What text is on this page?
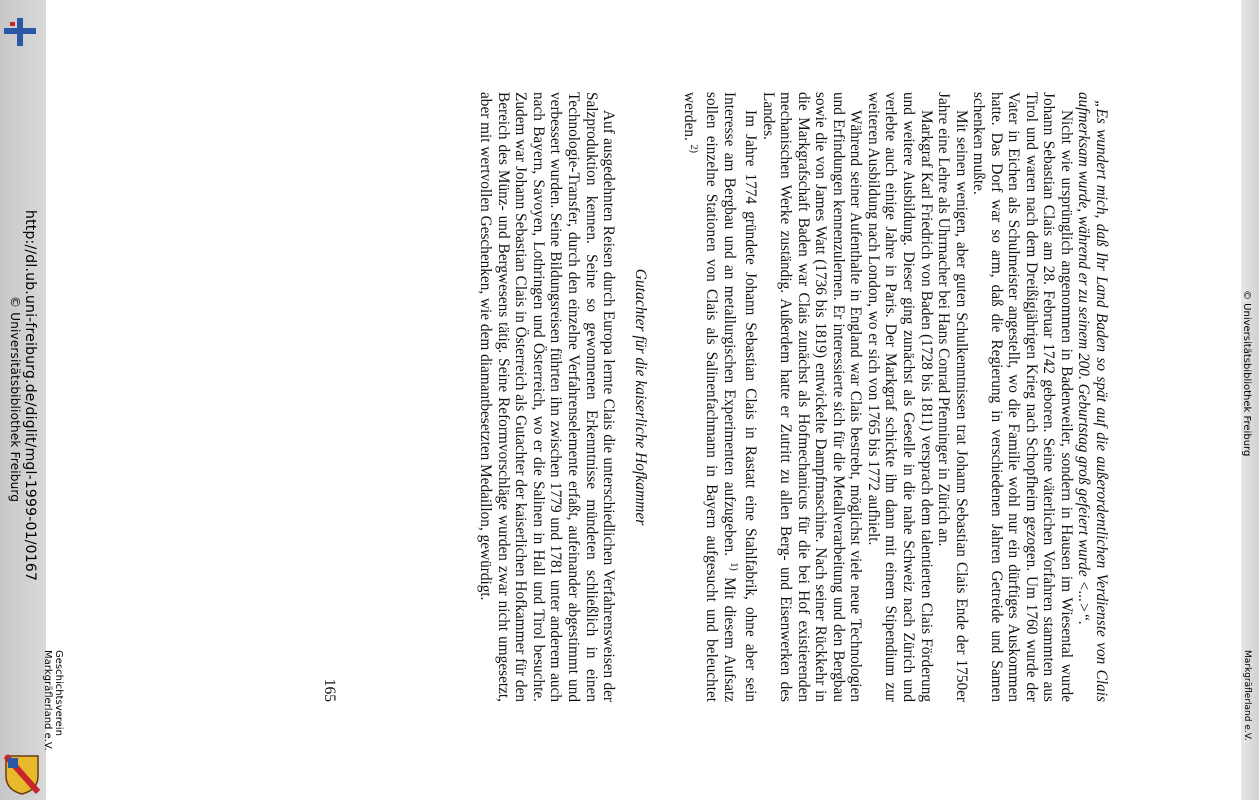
http://dl.ub.uni-freiburg.de/diglit/mgl-1999-01/0167
© Universitätsbibliothek Freiburg
Geschichtsverein
Markgräflerland e.V.
© Universitätsbibliothek Freiburg
Markgräflerland e.V.

„Es wundert mich, daß Ihr Land Baden so spät auf die außerordentlichen Verdienste von Clais aufmerksam wurde, während er zu seinem 200. Geburtstag groß gefeiert wurde <...>“.

Nicht wie ursprünglich angenommen in Badenweiler, sondern in Hausen im Wiesental wurde Johann Sebastian Clais am 28. Februar 1742 geboren. Seine väterlichen Vorfahren stammten aus Tirol und waren nach dem Dreißigjährigen Krieg nach Schopfheim gezogen. Um 1760 wurde der Vater in Eichen als Schulmeister angestellt, wo die Familie wohl nur ein dürftiges Auskommen hatte. Das Dorf war so arm, daß die Regierung in verschiedenen Jahren Getreide und Samen schenken mußte.

Mit seinen wenigen, aber guten Schulkenntnissen trat Johann Sebastian Clais Ende der 1750er Jahre eine Lehre als Uhrmacher bei Hans Conrad Pfenninger in Zürich an.

Markgraf Karl Friedrich von Baden (1728 bis 1811) versprach dem talentierten Clais Förderung und weitere Ausbildung. Dieser ging zunächst als Geselle in die nahe Schweiz nach Zürich und verlebte auch einige Jahre in Paris. Der Markgraf schickte ihn dann mit einem Stipendium zur weiteren Ausbildung nach London, wo er sich von 1765 bis 1772 aufhielt.

Während seiner Aufenthalte in England war Clais bestrebt, möglichst viele neue Technologien und Erfindungen kennenzulernen. Er interessierte sich für die Metallverarbeitung und den Bergbau sowie die von James Watt (1736 bis 1819) entwickelte Dampfmaschine. Nach seiner Rückkehr in die Markgrafschaft Baden war Clais zunächst als Hofmechanicus für die bei Hof existierenden mechanischen Werke zuständig. Außerdem hatte er Zutritt zu allen Berg- und Eisenwerken des Landes.

Im Jahre 1774 gründete Johann Sebastian Clais in Rastatt eine Stahlfabrik, ohne aber sein Interesse am Bergbau und an metallurgischen Experimenten aufzugeben. $^{1)}$ Mit diesem Aufsatz sollen einzelne Stationen von Clais als Salinenfachmann in Bayern aufgesucht und beleuchtet werden. $^{2)}$

Gutachter für die kaiserliche Hofkammer

Auf ausgedehnten Reisen durch Europa lernte Clais die unterschiedlichen Verfahrensweisen der Salzproduktion kennen. Seine so gewonnenen Erkenntnisse mündeten schließlich in einen Technologie-Transfer, durch den einzelne Verfahrenselemente erfaßt, aufeinander abgestimmt und verbessert wurden. Seine Bildungsreisen führten ihn zwischen 1779 und 1781 unter anderem auch nach Bayern, Savoyen, Lothringen und Österreich, wo er die Salinen in Hall und Tirol besuchte. Zudem war Johann Sebastian Clais in Österreich als Gutachter der kaiserlichen Hofkammer für den Bereich des Münz- und Bergwesens tätig. Seine Reformvorschläge wurden zwar nicht umgesetzt, aber mit wertvollen Geschenken, wie dem diamantbesetzten Medaillon, gewürdigt.

165
